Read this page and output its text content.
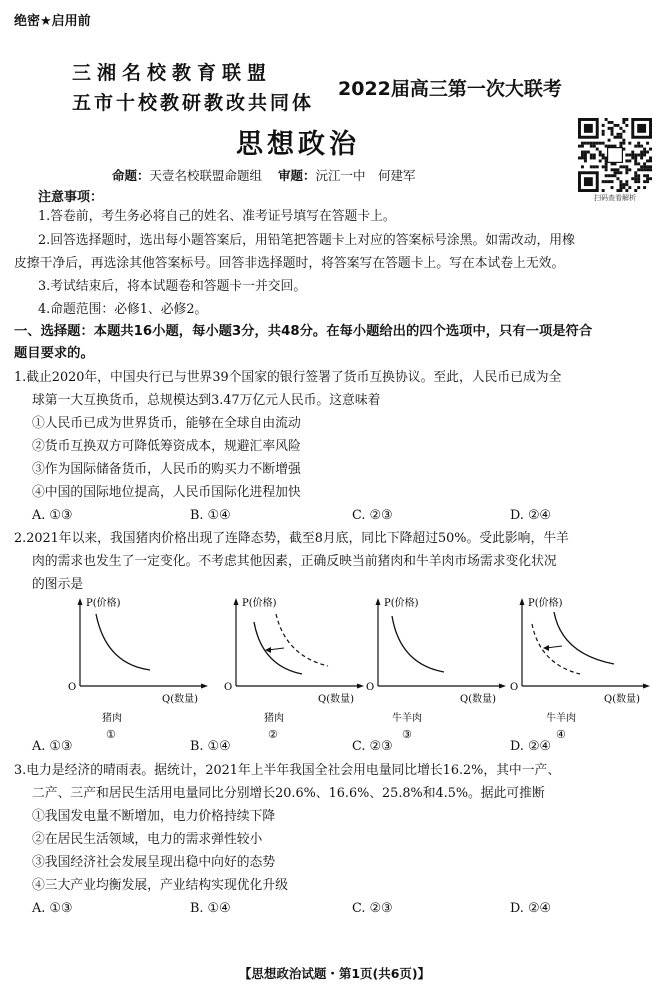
绝密★启用前
三湘名校教育联盟
五市十校教研教改共同体
2022届高三第一次大联考
思想政治
扫码查看解析
命题：天壹名校联盟命题组 审题：沅江一中　何建军
注意事项：
1.答卷前，考生务必将自己的姓名、准考证号填写在答题卡上。
2.回答选择题时，选出每小题答案后，用铅笔把答题卡上对应的答案标号涂黑。如需改动，用橡
皮擦干净后，再选涂其他答案标号。回答非选择题时，将答案写在答题卡上。写在本试卷上无效。
3.考试结束后，将本试题卷和答题卡一并交回。
4.命题范围：必修1、必修2。
一、选择题：本题共16小题，每小题3分，共48分。在每小题给出的四个选项中，只有一项是符合
题目要求的。
1.截止2020年，中国央行已与世界39个国家的银行签署了货币互换协议。至此，人民币已成为全
球第一大互换货币，总规模达到3.47万亿元人民币。这意味着
①人民币已成为世界货币，能够在全球自由流动
②货币互换双方可降低筹资成本，规避汇率风险
③作为国际储备货币，人民币的购买力不断增强
④中国的国际地位提高，人民币国际化进程加快
A. ①③	B. ①④	C. ②③	D. ②④
2.2021年以来，我国猪肉价格出现了连降态势，截至8月底，同比下降超过50%。受此影响，牛羊
肉的需求也发生了一定变化。不考虑其他因素，正确反映当前猪肉和牛羊肉市场需求变化状况
的图示是
P(价格)
O
Q(数量)
猪肉
①
P(价格)
O
Q(数量)
猪肉
②
P(价格)
O
Q(数量)
牛羊肉
③
P(价格)
O
Q(数量)
牛羊肉
④
A. ①③	B. ①④	C. ②③	D. ②④
3.电力是经济的晴雨表。据统计，2021年上半年我国全社会用电量同比增长16.2%，其中一产、
二产、三产和居民生活用电量同比分别增长20.6%、16.6%、25.8%和4.5%。据此可推断
①我国发电量不断增加，电力价格持续下降
②在居民生活领域，电力的需求弹性较小
③我国经济社会发展呈现出稳中向好的态势
④三大产业均衡发展，产业结构实现优化升级
A. ①③	B. ①④	C. ②③	D. ②④
【思想政治试题・第1页(共6页)】
